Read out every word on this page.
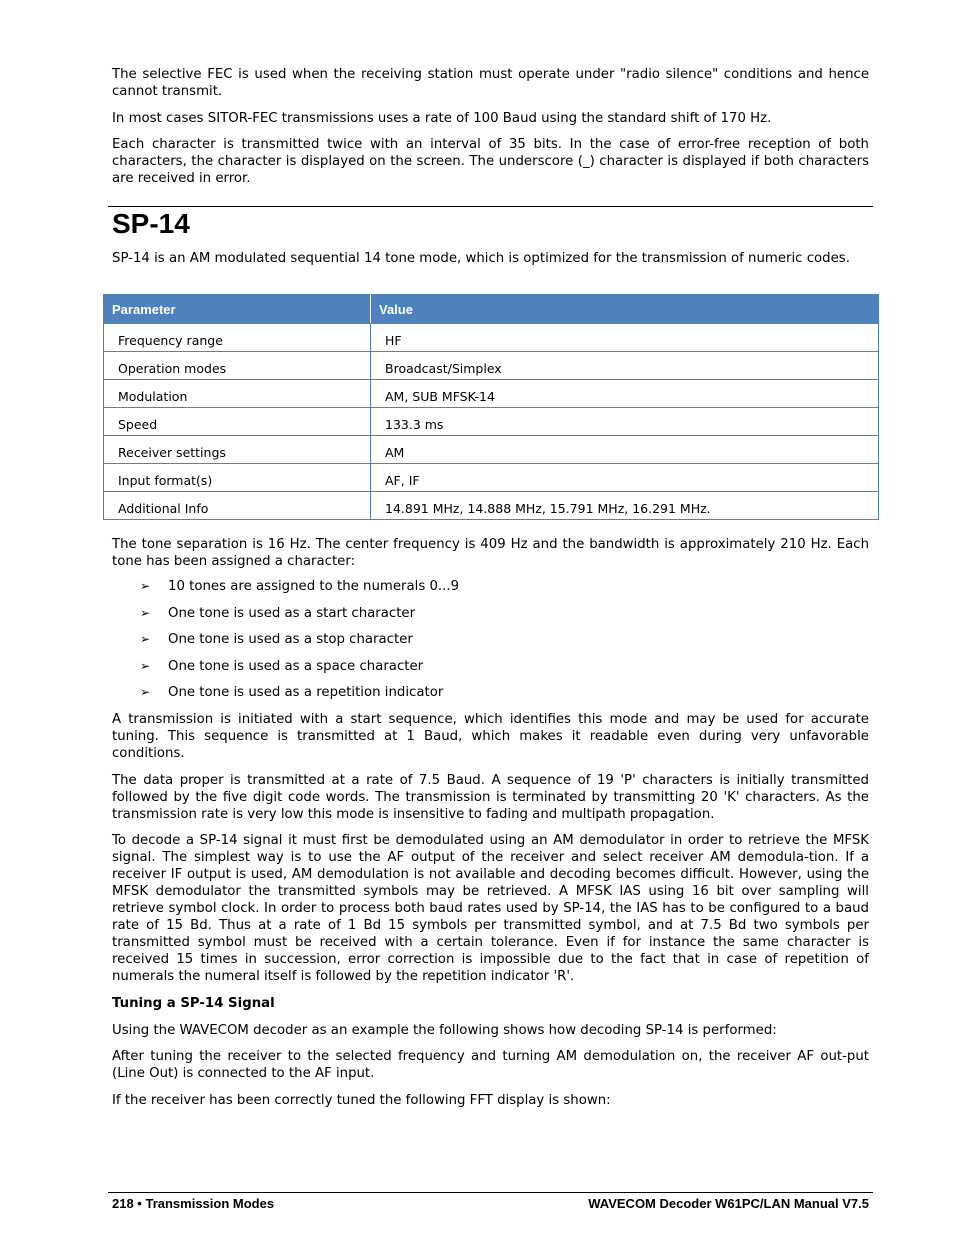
The selective FEC is used when the receiving station must operate under "radio silence" conditions and hence cannot transmit.

In most cases SITOR-FEC transmissions uses a rate of 100 Baud using the standard shift of 170 Hz.

Each character is transmitted twice with an interval of 35 bits. In the case of error-free reception of both characters, the character is displayed on the screen. The underscore (_) character is displayed if both characters are received in error.

SP-14

SP-14 is an AM modulated sequential 14 tone mode, which is optimized for the transmission of numeric codes.

Parameter	Value
Frequency range	HF
Operation modes	Broadcast/Simplex
Modulation	AM, SUB MFSK-14
Speed	133.3 ms
Receiver settings	AM
Input format(s)	AF, IF
Additional Info	14.891 MHz, 14.888 MHz, 15.791 MHz, 16.291 MHz.

The tone separation is 16 Hz. The center frequency is 409 Hz and the bandwidth is approximately 210 Hz. Each tone has been assigned a character:

➢ 10 tones are assigned to the numerals 0...9
➢ One tone is used as a start character
➢ One tone is used as a stop character
➢ One tone is used as a space character
➢ One tone is used as a repetition indicator

A transmission is initiated with a start sequence, which identifies this mode and may be used for accurate tuning. This sequence is transmitted at 1 Baud, which makes it readable even during very unfavorable conditions.

The data proper is transmitted at a rate of 7.5 Baud. A sequence of 19 'P' characters is initially transmitted followed by the five digit code words. The transmission is terminated by transmitting 20 'K' characters. As the transmission rate is very low this mode is insensitive to fading and multipath propagation.

To decode a SP-14 signal it must first be demodulated using an AM demodulator in order to retrieve the MFSK signal. The simplest way is to use the AF output of the receiver and select receiver AM demodula-tion. If a receiver IF output is used, AM demodulation is not available and decoding becomes difficult. However, using the MFSK demodulator the transmitted symbols may be retrieved. A MFSK IAS using 16 bit over sampling will retrieve symbol clock. In order to process both baud rates used by SP-14, the IAS has to be configured to a baud rate of 15 Bd. Thus at a rate of 1 Bd 15 symbols per transmitted symbol, and at 7.5 Bd two symbols per transmitted symbol must be received with a certain tolerance. Even if for instance the same character is received 15 times in succession, error correction is impossible due to the fact that in case of repetition of numerals the numeral itself is followed by the repetition indicator 'R'.

Tuning a SP-14 Signal

Using the WAVECOM decoder as an example the following shows how decoding SP-14 is performed:

After tuning the receiver to the selected frequency and turning AM demodulation on, the receiver AF out-put (Line Out) is connected to the AF input.

If the receiver has been correctly tuned the following FFT display is shown:

218 • Transmission Modes	WAVECOM Decoder W61PC/LAN Manual V7.5
